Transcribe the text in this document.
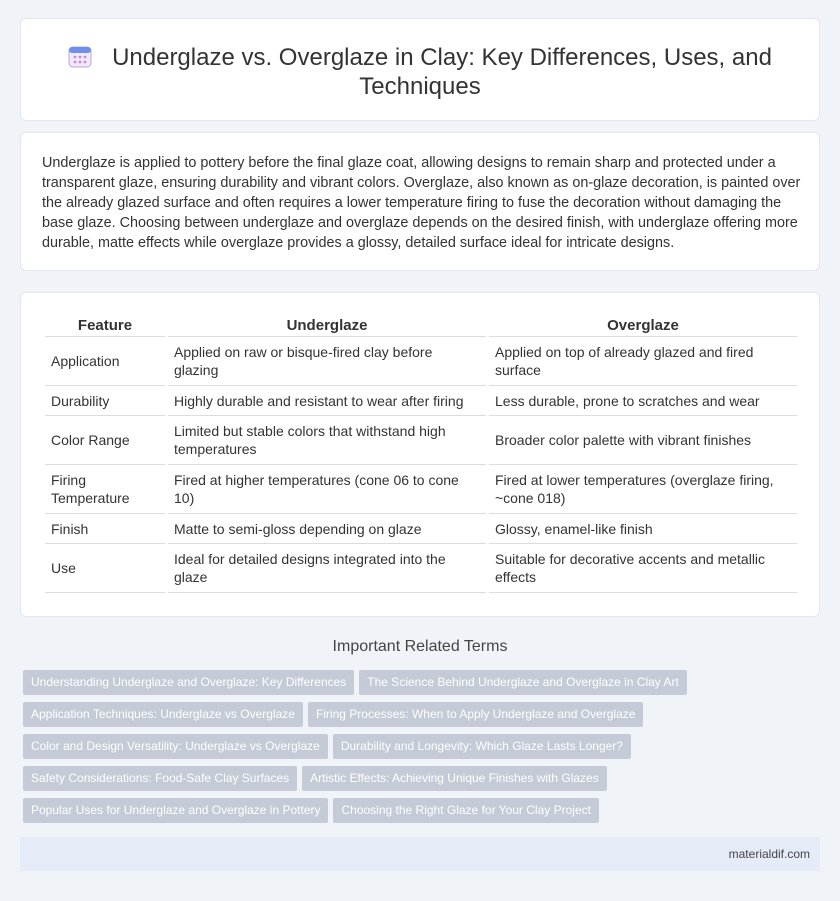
Underglaze vs. Overglaze in Clay: Key Differences, Uses, and Techniques

Underglaze is applied to pottery before the final glaze coat, allowing designs to remain sharp and protected under a transparent glaze, ensuring durability and vibrant colors. Overglaze, also known as on-glaze decoration, is painted over the already glazed surface and often requires a lower temperature firing to fuse the decoration without damaging the base glaze. Choosing between underglaze and overglaze depends on the desired finish, with underglaze offering more durable, matte effects while overglaze provides a glossy, detailed surface ideal for intricate designs.

Feature	Underglaze	Overglaze
Application	Applied on raw or bisque-fired clay before glazing	Applied on top of already glazed and fired surface
Durability	Highly durable and resistant to wear after firing	Less durable, prone to scratches and wear
Color Range	Limited but stable colors that withstand high temperatures	Broader color palette with vibrant finishes
Firing Temperature	Fired at higher temperatures (cone 06 to cone 10)	Fired at lower temperatures (overglaze firing, ~cone 018)
Finish	Matte to semi-gloss depending on glaze	Glossy, enamel-like finish
Use	Ideal for detailed designs integrated into the glaze	Suitable for decorative accents and metallic effects
Important Related Terms
Understanding Underglaze and Overglaze: Key Differences The Science Behind Underglaze and Overglaze in Clay Art
Application Techniques: Underglaze vs Overglaze Firing Processes: When to Apply Underglaze and Overglaze
Color and Design Versatility: Underglaze vs Overglaze Durability and Longevity: Which Glaze Lasts Longer?
Safety Considerations: Food-Safe Clay Surfaces Artistic Effects: Achieving Unique Finishes with Glazes
Popular Uses for Underglaze and Overglaze in Pottery Choosing the Right Glaze for Your Clay Project
materialdif.com
